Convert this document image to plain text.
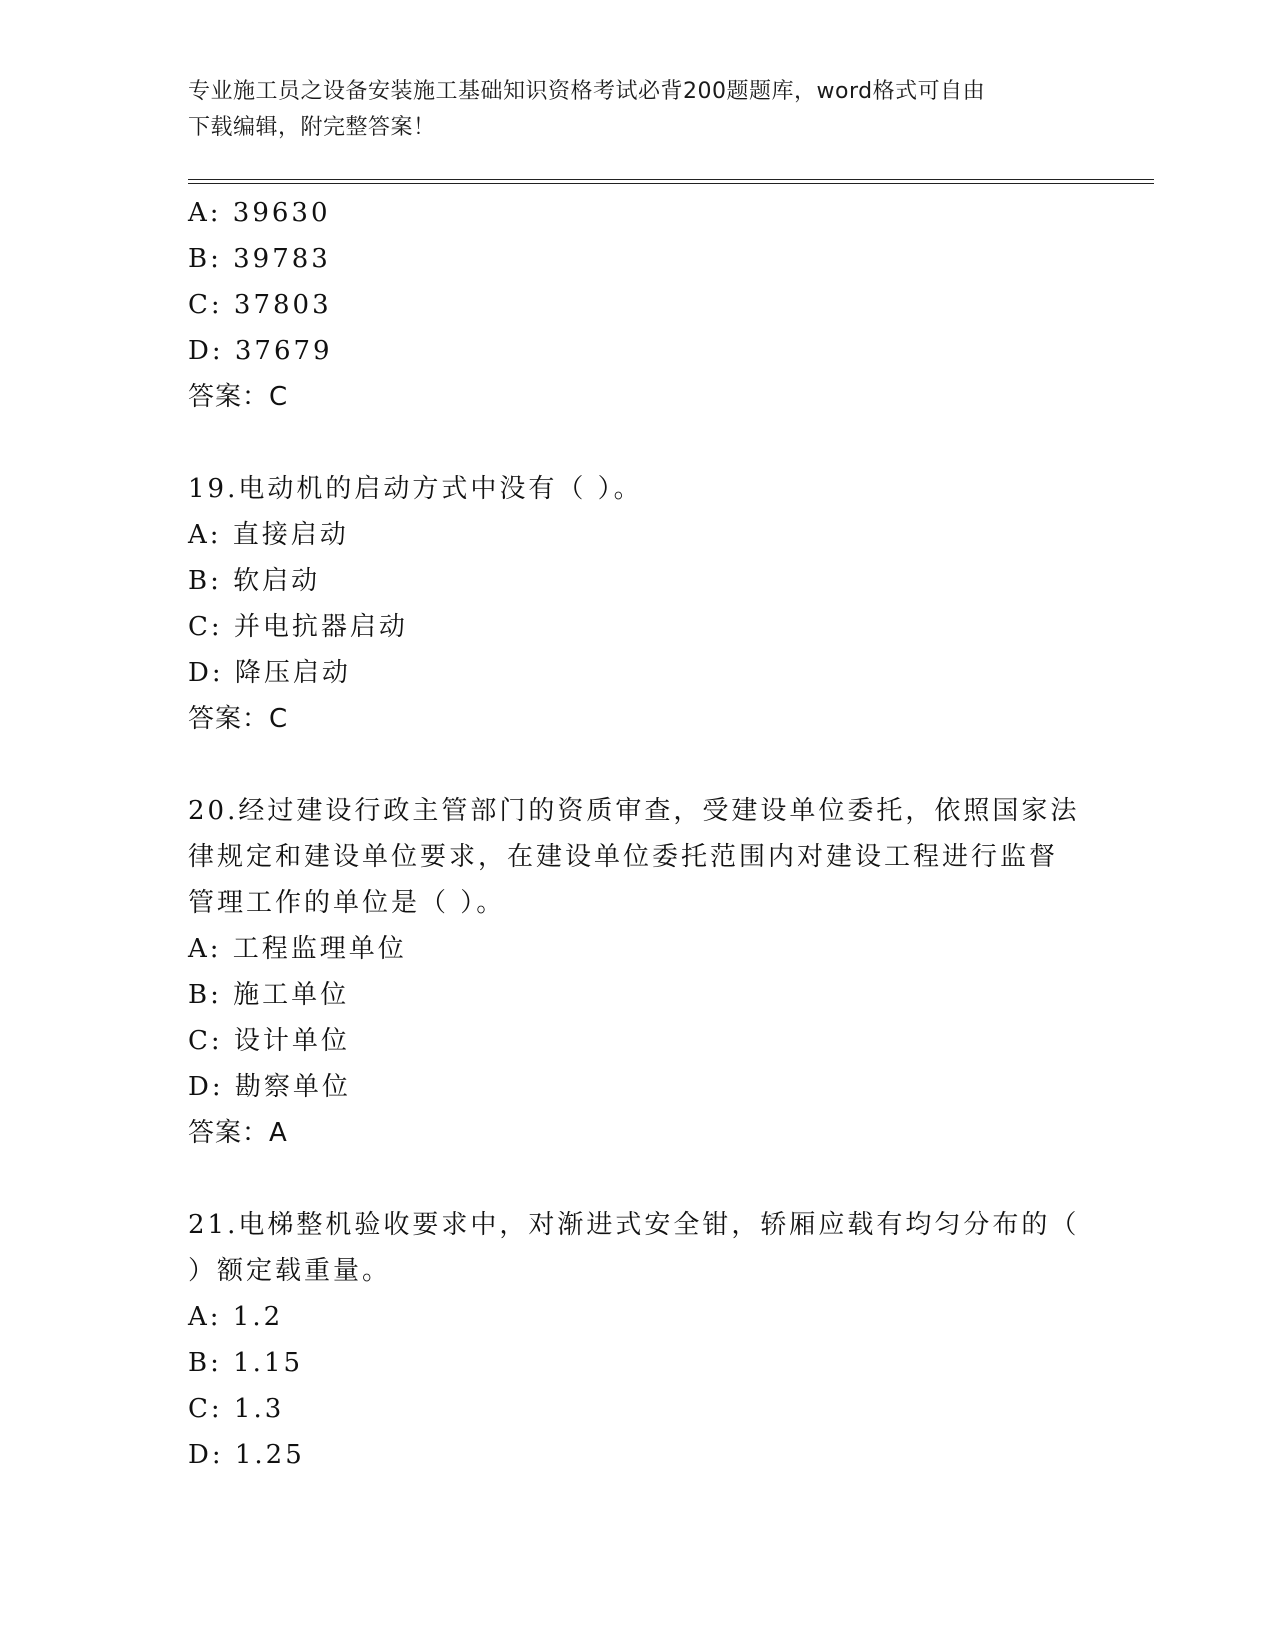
专业施工员之设备安装施工基础知识资格考试必背200题题库，word格式可自由
下载编辑，附完整答案！
A: 39630
B: 39783
C: 37803
D: 37679
答案：C
19.电动机的启动方式中没有（ ）。
A: 直接启动
B: 软启动
C: 并电抗器启动
D: 降压启动
答案：C
20.经过建设行政主管部门的资质审查，受建设单位委托，依照国家法
律规定和建设单位要求，在建设单位委托范围内对建设工程进行监督
管理工作的单位是（ ）。
A: 工程监理单位
B: 施工单位
C: 设计单位
D: 勘察单位
答案：A
21.电梯整机验收要求中，对渐进式安全钳，轿厢应载有均匀分布的（
）额定载重量。
A: 1.2
B: 1.15
C: 1.3
D: 1.25
